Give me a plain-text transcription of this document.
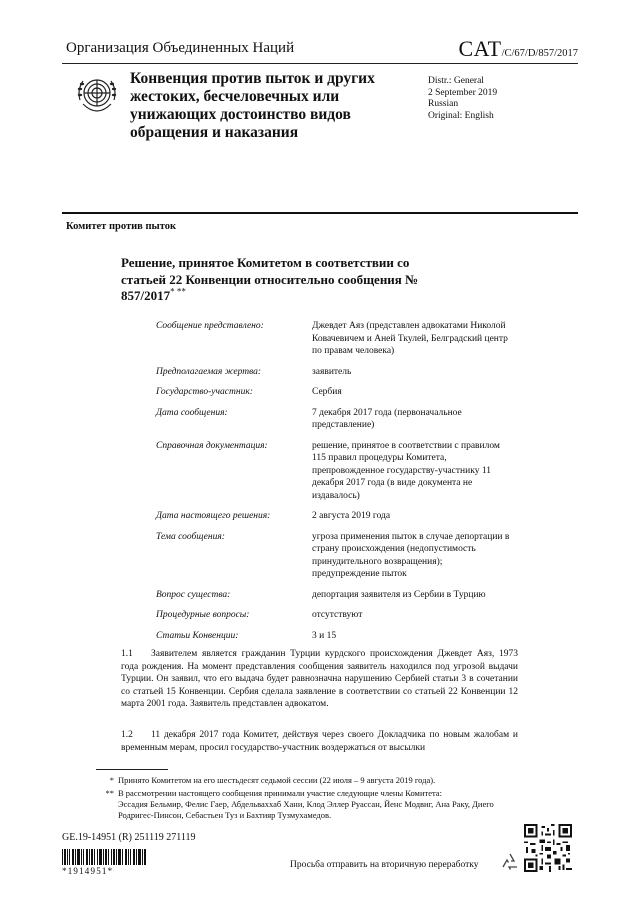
Организация Объединенных Наций	CAT/C/67/D/857/2017
Конвенция против пыток и других жестоких, бесчеловечных или унижающих достоинство видов обращения и наказания
Distr.: General
2 September 2019
Russian
Original: English
Комитет против пыток
Решение, принятое Комитетом в соответствии со статьей 22 Конвенции относительно сообщения № 857/2017* **
Сообщение представлено:	Джевдет Аяз (представлен адвокатами Николой Ковачевичем и Аней Ткулей, Белградский центр по правам человека)
Предполагаемая жертва:	заявитель
Государство-участник:	Сербия
Дата сообщения:	7 декабря 2017 года (первоначальное представление)
Справочная документация:	решение, принятое в соответствии с правилом 115 правил процедуры Комитета, препровожденное государству-участнику 11 декабря 2017 года (в виде документа не издавалось)
Дата настоящего решения:	2 августа 2019 года
Тема сообщения:	угроза применения пыток в случае депортации в страну происхождения (недопустимость принудительного возвращения); предупреждение пыток
Вопрос существа:	депортация заявителя из Сербии в Турцию
Процедурные вопросы:	отсутствуют
Статьи Конвенции:	3 и 15
1.1 Заявителем является гражданин Турции курдского происхождения Джевдет Аяз, 1973 года рождения. На момент представления сообщения заявитель находился под угрозой выдачи Турции. Он заявил, что его выдача будет равнозначна нарушению Сербией статьи 3 в сочетании со статьей 15 Конвенции. Сербия сделала заявление в соответствии со статьей 22 Конвенции 12 марта 2001 года. Заявитель представлен адвокатом.
1.2 11 декабря 2017 года Комитет, действуя через своего Докладчика по новым жалобам и временным мерам, просил государство-участник воздержаться от высылки
* Принято Комитетом на его шестьдесят седьмой сессии (22 июля – 9 августа 2019 года).
** В рассмотрении настоящего сообщения принимали участие следующие члены Комитета:
Эссадия Бельмир, Фелис Гаер, Абдельваххаб Хани, Клод Эллер Руассан, Йенс Модвиг, Ана Раку, Диего Родригес-Пинсон, Себастьен Туз и Бахтияр Тузмухамедов.
GE.19-14951 (R) 251119 271119
*1914951*
Просьба отправить на вторичную переработку
